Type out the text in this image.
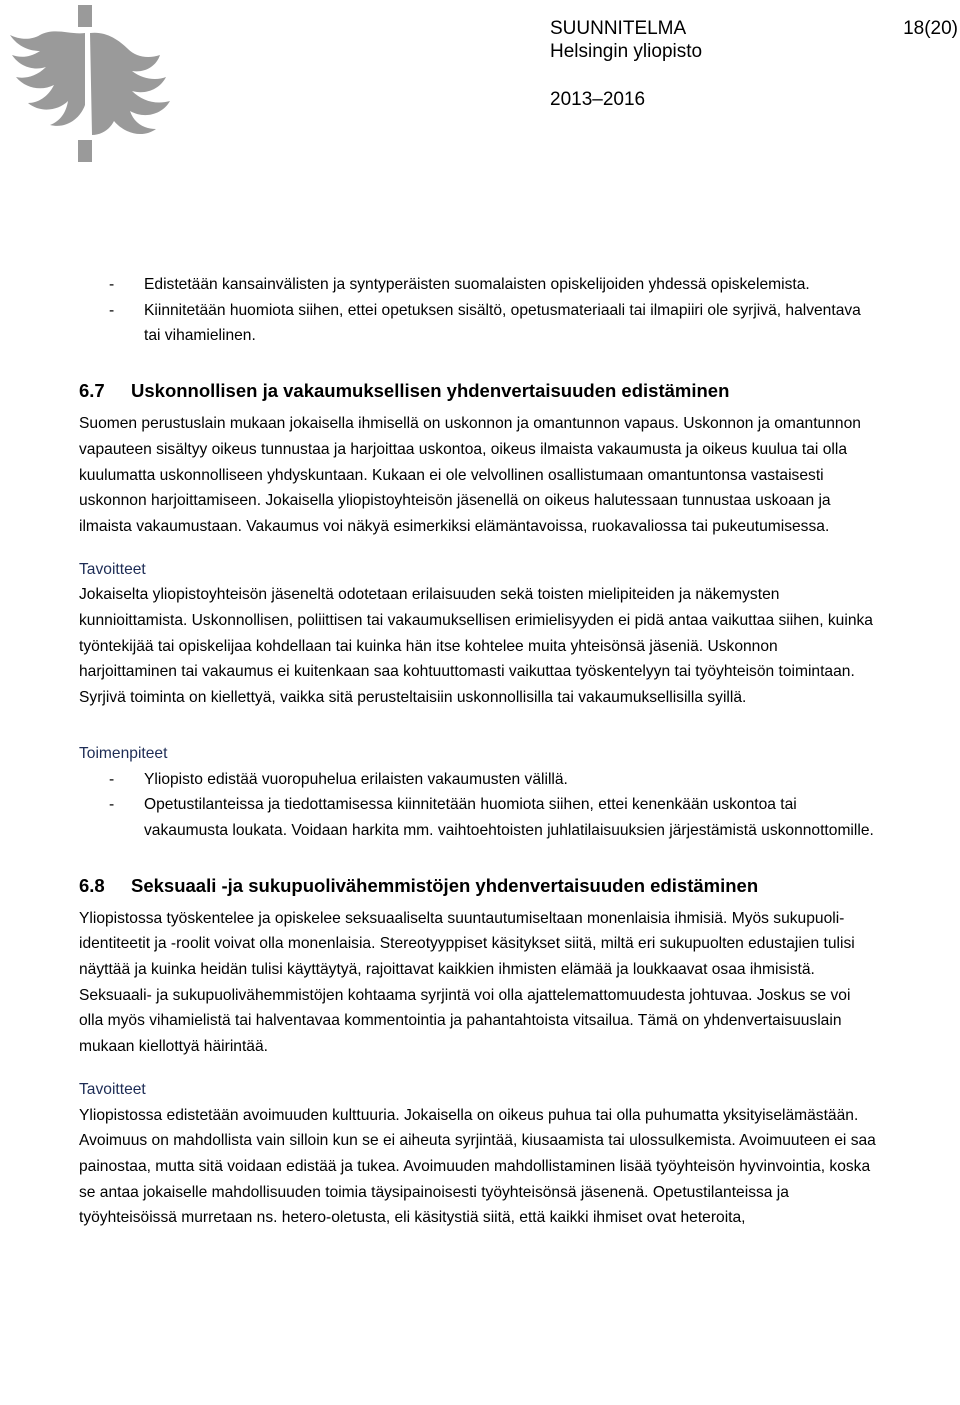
SUUNNITELMA
Helsingin yliopisto
2013–2016
18(20)
- Edistetään kansainvälisten ja syntyperäisten suomalaisten opiskelijoiden yhdessä opiskelemista.
- Kiinnitetään huomiota siihen, ettei opetuksen sisältö, opetusmateriaali tai ilmapiiri ole syrjivä, halventava tai vihamielinen.
6.7 Uskonnollisen ja vakaumuksellisen yhdenvertaisuuden edistäminen

Suomen perustuslain mukaan jokaisella ihmisellä on uskonnon ja omantunnon vapaus. Uskonnon ja omantunnon vapauteen sisältyy oikeus tunnustaa ja harjoittaa uskontoa, oikeus ilmaista vakaumusta ja oikeus kuulua tai olla kuulumatta uskonnolliseen yhdyskuntaan. Kukaan ei ole velvollinen osallistumaan omantuntonsa vastaisesti uskonnon harjoittamiseen. Jokaisella yliopistoyhteisön jäsenellä on oikeus halutessaan tunnustaa uskoaan ja ilmaista vakaumustaan. Vakaumus voi näkyä esimerkiksi elämäntavoissa, ruokavaliossa tai pukeutumisessa.

Tavoitteet

Jokaiselta yliopistoyhteisön jäseneltä odotetaan erilaisuuden sekä toisten mielipiteiden ja näkemysten kunnioittamista. Uskonnollisen, poliittisen tai vakaumuksellisen erimielisyyden ei pidä antaa vaikuttaa siihen, kuinka työntekijää tai opiskelijaa kohdellaan tai kuinka hän itse kohtelee muita yhteisönsä jäseniä. Uskonnon harjoittaminen tai vakaumus ei kuitenkaan saa kohtuuttomasti vaikuttaa työskentelyyn tai työyhteisön toimintaan. Syrjivä toiminta on kiellettyä, vaikka sitä perusteltaisiin uskonnollisilla tai vakaumuksellisilla syillä.

Toimenpiteet

- Yliopisto edistää vuoropuhelua erilaisten vakaumusten välillä.
- Opetustilanteissa ja tiedottamisessa kiinnitetään huomiota siihen, ettei kenenkään uskontoa tai vakaumusta loukata. Voidaan harkita mm. vaihtoehtoisten juhlatilaisuuksien järjestämistä uskonnottomille.
6.8 Seksuaali -ja sukupuolivähemmistöjen yhdenvertaisuuden edistäminen

Yliopistossa työskentelee ja opiskelee seksuaaliselta suuntautumiseltaan monenlaisia ihmisiä. Myös sukupuoli-identiteetit ja -roolit voivat olla monenlaisia. Stereotyyppiset käsitykset siitä, miltä eri sukupuolten edustajien tulisi näyttää ja kuinka heidän tulisi käyttäytyä, rajoittavat kaikkien ihmisten elämää ja loukkaavat osaa ihmisistä. Seksuaali- ja sukupuolivähemmistöjen kohtaama syrjintä voi olla ajattelemattomuudesta johtuvaa. Joskus se voi olla myös vihamielistä tai halventavaa kommentointia ja pahantahtoista vitsailua. Tämä on yhdenvertaisuuslain mukaan kiellottyä häirintää.

Tavoitteet

Yliopistossa edistetään avoimuuden kulttuuria. Jokaisella on oikeus puhua tai olla puhumatta yksityiselämästään. Avoimuus on mahdollista vain silloin kun se ei aiheuta syrjintää, kiusaamista tai ulossulkemista. Avoimuuteen ei saa painostaa, mutta sitä voidaan edistää ja tukea. Avoimuuden mahdollistaminen lisää työyhteisön hyvinvointia, koska se antaa jokaiselle mahdollisuuden toimia täysipainoisesti työyhteisönsä jäsenenä. Opetustilanteissa ja työyhteisöissä murretaan ns. hetero-oletusta, eli käsitystiä siitä, että kaikki ihmiset ovat heteroita,
